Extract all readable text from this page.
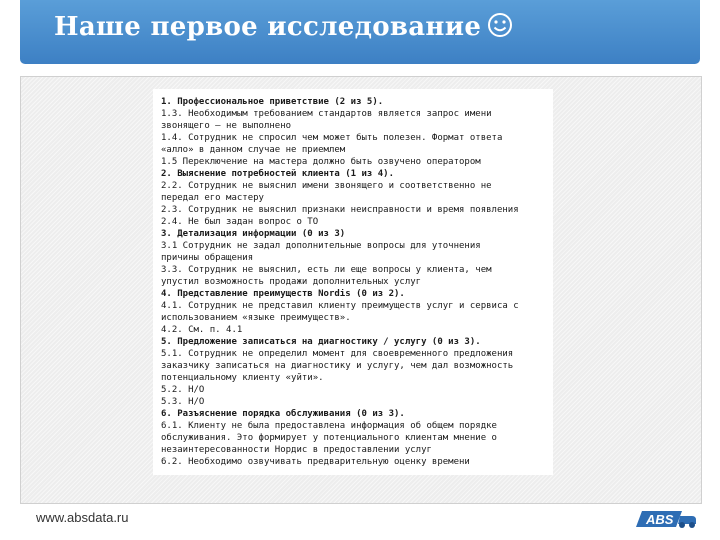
Наше первое исследование
1. Профессиональное приветствие (2 из 5).
1.3. Необходимым требованием стандартов является запрос имени
звонящего – не выполнено
1.4. Сотрудник не спросил чем может быть полезен. Формат ответа
«алло» в данном случае не приемлем
1.5 Переключение на мастера должно быть озвучено оператором
2. Выяснение потребностей клиента (1 из 4).
2.2. Сотрудник не выяснил имени звонящего и соответственно не
передал его мастеру
2.3. Сотрудник не выяснил признаки неисправности и время появления
2.4. Не был задан вопрос о ТО
3. Детализация информации (0 из 3)
3.1 Сотрудник не задал дополнительные вопросы для уточнения
причины обращения
3.3. Сотрудник не выяснил, есть ли еще вопросы у клиента, чем
упустил возможность продажи дополнительных услуг
4. Представление преимуществ Nordis (0 из 2).
4.1. Сотрудник не представил клиенту преимуществ услуг и сервиса с
использованием «языке преимуществ».
4.2. См. п. 4.1
5. Предложение записаться на диагностику / услугу (0 из 3).
5.1. Сотрудник не определил момент для своевременного предложения
заказчику записаться на диагностику и услугу, чем дал возможность
потенциальному клиенту «уйти».
5.2. Н/О
5.3. Н/О
6. Разъяснение порядка обслуживания (0 из 3).
6.1. Клиенту не была предоставлена информация об общем порядке
обслуживания. Это формирует у потенциального клиентам мнение о
незаинтересованности Нордис в предоставлении услуг
6.2. Необходимо озвучивать предварительную оценку времени
www.absdata.ru	ABS
